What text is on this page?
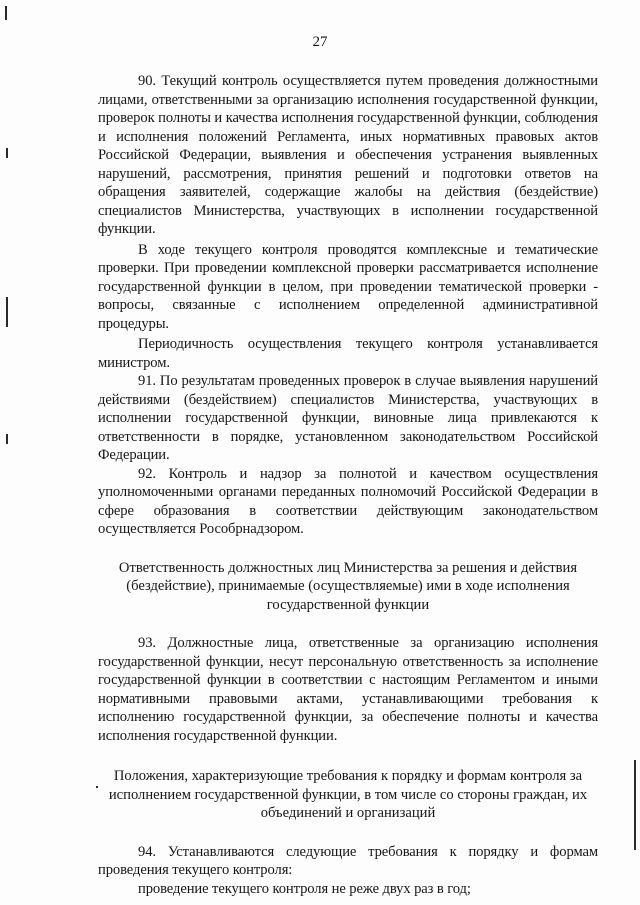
27

90. Текущий контроль осуществляется путем проведения должностными лицами, ответственными за организацию исполнения государственной функции, проверок полноты и качества исполнения государственной функции, соблюдения и исполнения положений Регламента, иных нормативных правовых актов Российской Федерации, выявления и обеспечения устранения выявленных нарушений, рассмотрения, принятия решений и подготовки ответов на обращения заявителей, содержащие жалобы на действия (бездействие) специалистов Министерства, участвующих в исполнении государственной функции.

В ходе текущего контроля проводятся комплексные и тематические проверки. При проведении комплексной проверки рассматривается исполнение государственной функции в целом, при проведении тематической проверки - вопросы, связанные с исполнением определенной административной процедуры.

Периодичность осуществления текущего контроля устанавливается министром.

91. По результатам проведенных проверок в случае выявления нарушений действиями (бездействием) специалистов Министерства, участвующих в исполнении государственной функции, виновные лица привлекаются к ответственности в порядке, установленном законодательством Российской Федерации.

92. Контроль и надзор за полнотой и качеством осуществления уполномоченными органами переданных полномочий Российской Федерации в сфере образования в соответствии действующим законодательством осуществляется Рособрнадзором.

Ответственность должностных лиц Министерства за решения и действия (бездействие), принимаемые (осуществляемые) ими в ходе исполнения государственной функции

93. Должностные лица, ответственные за организацию исполнения государственной функции, несут персональную ответственность за исполнение государственной функции в соответствии с настоящим Регламентом и иными нормативными правовыми актами, устанавливающими требования к исполнению государственной функции, за обеспечение полноты и качества исполнения государственной функции.

Положения, характеризующие требования к порядку и формам контроля за исполнением государственной функции, в том числе со стороны граждан, их объединений и организаций

94. Устанавливаются следующие требования к порядку и формам проведения текущего контроля:

проведение текущего контроля не реже двух раз в год;
